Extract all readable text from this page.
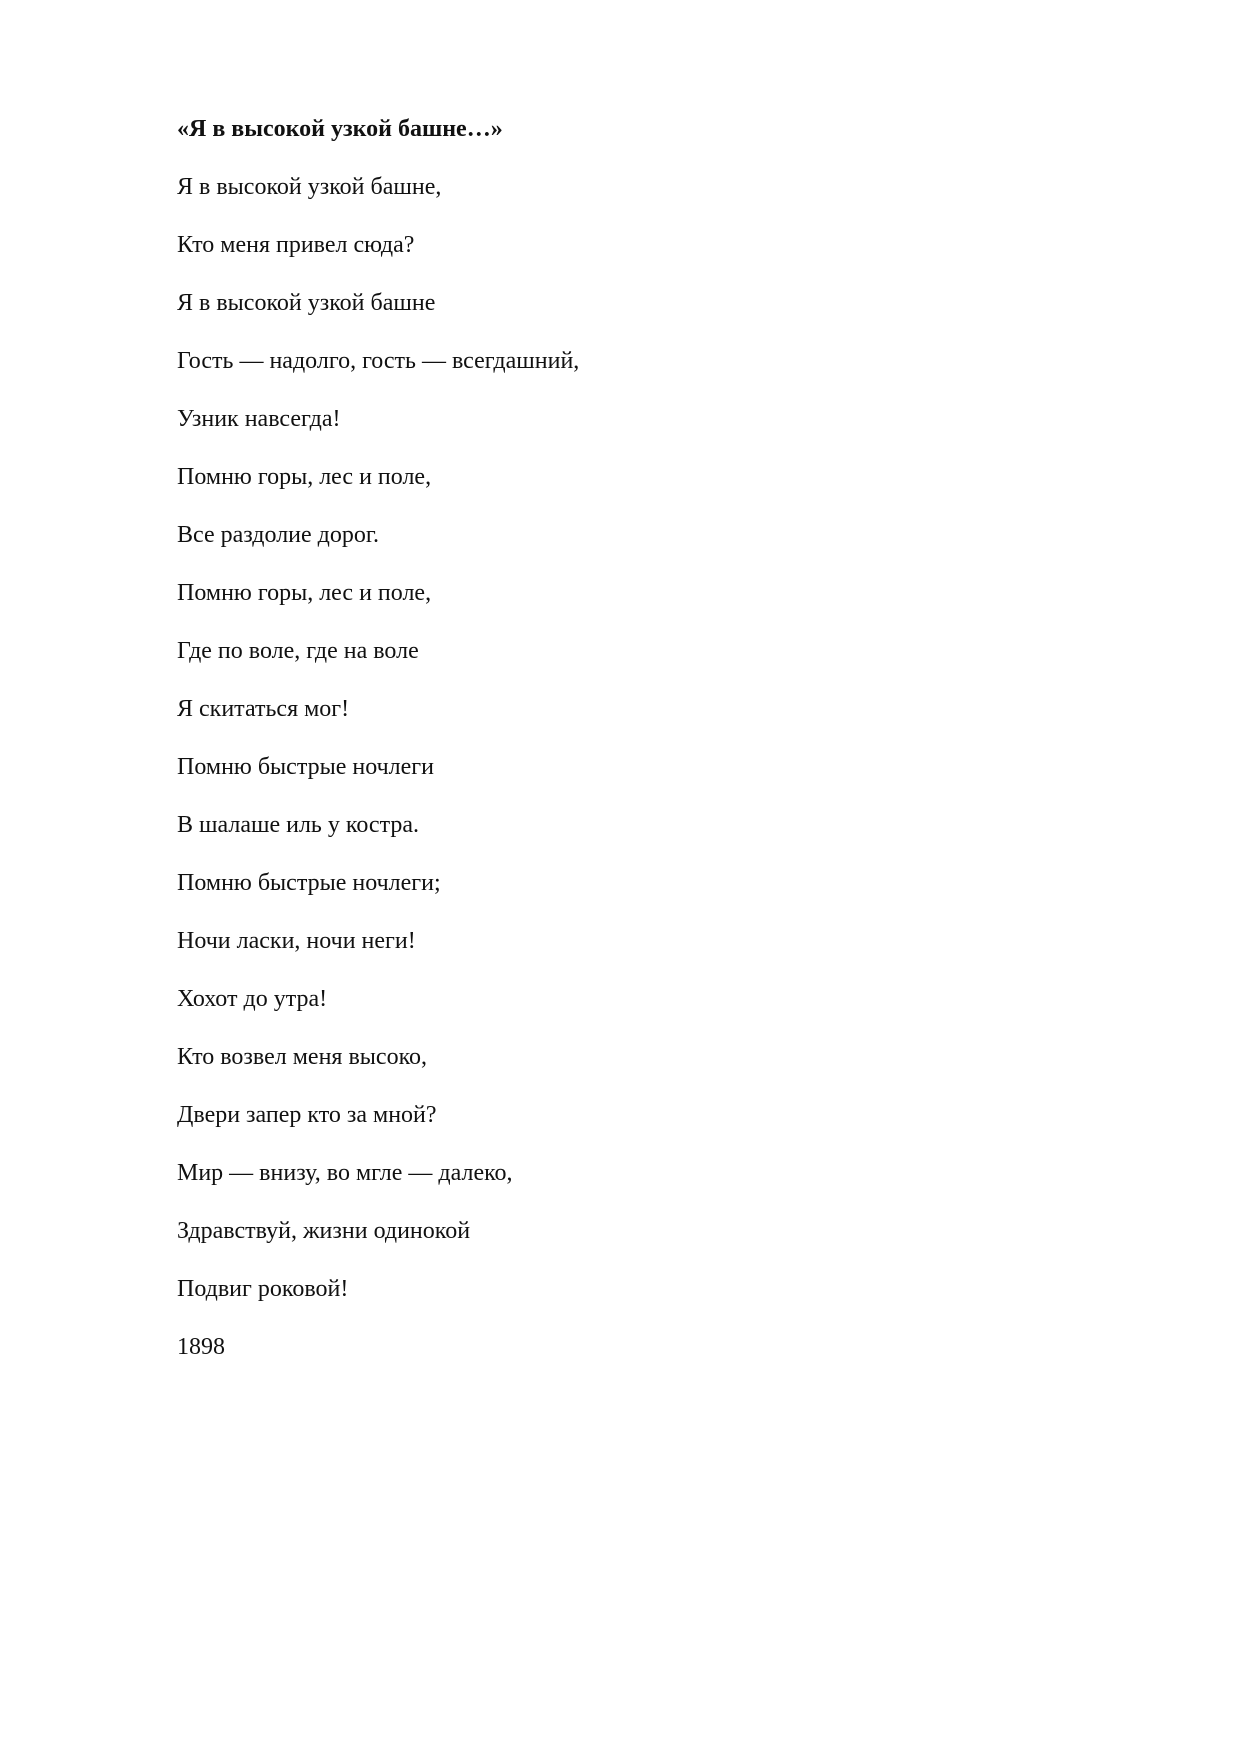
«Я в высокой узкой башне…»

Я в высокой узкой башне,

Кто меня привел сюда?

Я в высокой узкой башне

Гость — надолго, гость — всегдашний,

Узник навсегда!

Помню горы, лес и поле,

Все раздолие дорог.

Помню горы, лес и поле,

Где по воле, где на воле

Я скитаться мог!

Помню быстрые ночлеги

В шалаше иль у костра.

Помню быстрые ночлеги;

Ночи ласки, ночи неги!

Хохот до утра!

Кто возвел меня высоко,

Двери запер кто за мной?

Мир — внизу, во мгле — далеко,

Здравствуй, жизни одинокой

Подвиг роковой!

1898
